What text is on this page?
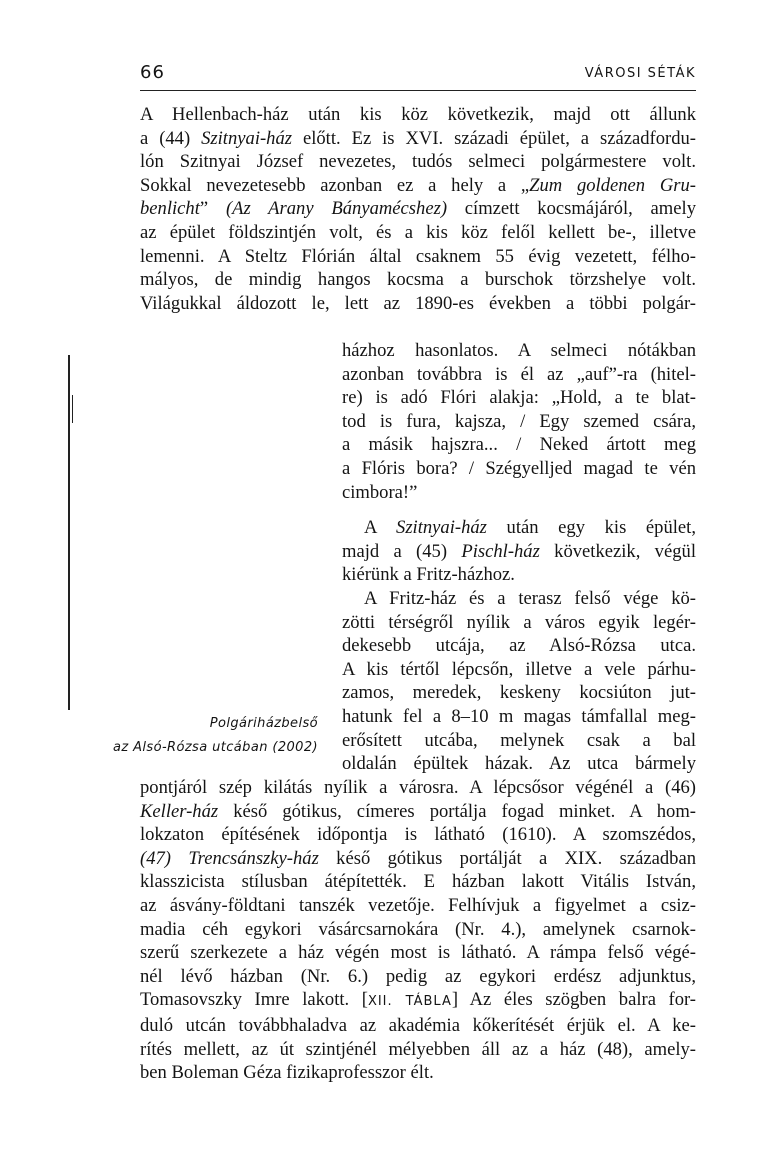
66	VÁROSI SÉTÁK
A Hellenbach-ház után kis köz következik, majd ott állunk
a (44) Szitnyai-ház előtt. Ez is XVI. századi épület, a századfordu-
lón Szitnyai József nevezetes, tudós selmeci polgármestere volt.
Sokkal nevezetesebb azonban ez a hely a „Zum goldenen Gru-
benlicht” (Az Arany Bányamécshez) címzett kocsmájáról, amely
az épület földszintjén volt, és a kis köz felől kellett be-, illetve
lemenni. A Steltz Flórián által csaknem 55 évig vezetett, félho-
mályos, de mindig hangos kocsma a burschok törzshelye volt.
Világukkal áldozott le, lett az 1890-es években a többi polgár-
házhoz hasonlatos. A selmeci nótákban
azonban továbbra is él az „auf”-ra (hitel-
re) is adó Flóri alakja: „Hold, a te blat-
tod is fura, kajsza, / Egy szemed csára,
a másik hajszra... / Neked ártott meg
a Flóris bora? / Szégyelljed magad te vén
cimbora!”
A Szitnyai-ház után egy kis épület,
majd a (45) Pischl-ház következik, végül
kiérünk a Fritz-házhoz.
A Fritz-ház és a terasz felső vége kö-
zötti térségről nyílik a város egyik legér-
dekesebb utcája, az Alsó-Rózsa utca.
A kis tértől lépcsőn, illetve a vele párhu-
zamos, meredek, keskeny kocsiúton jut-
hatunk fel a 8–10 m magas támfallal meg-
erősített utcába, melynek csak a bal
oldalán épültek házak. Az utca bármely
pontjáról szép kilátás nyílik a városra. A lépcsősor végénél a (46)
Keller-ház késő gótikus, címeres portálja fogad minket. A hom-
lokzaton építésének időpontja is látható (1610). A szomszédos,
(47) Trencsánszky-ház késő gótikus portálját a XIX. században
klasszicista stílusban átépítették. E házban lakott Vitális István,
az ásvány-földtani tanszék vezetője. Felhívjuk a figyelmet a csiz-
madia céh egykori vásárcsarnokára (Nr. 4.), amelynek csarnok-
szerű szerkezete a ház végén most is látható. A rámpa felső végé-
nél lévő házban (Nr. 6.) pedig az egykori erdész adjunktus,
Tomasovszky Imre lakott. [XII. TÁBLA] Az éles szögben balra for-
duló utcán továbbhaladva az akadémia kőkerítését érjük el. A ke-
rítés mellett, az út szintjénél mélyebben áll az a ház (48), amely-
ben Boleman Géza fizikaprofesszor élt.
Polgáriházbelső
az Alsó-Rózsa utcában (2002)
